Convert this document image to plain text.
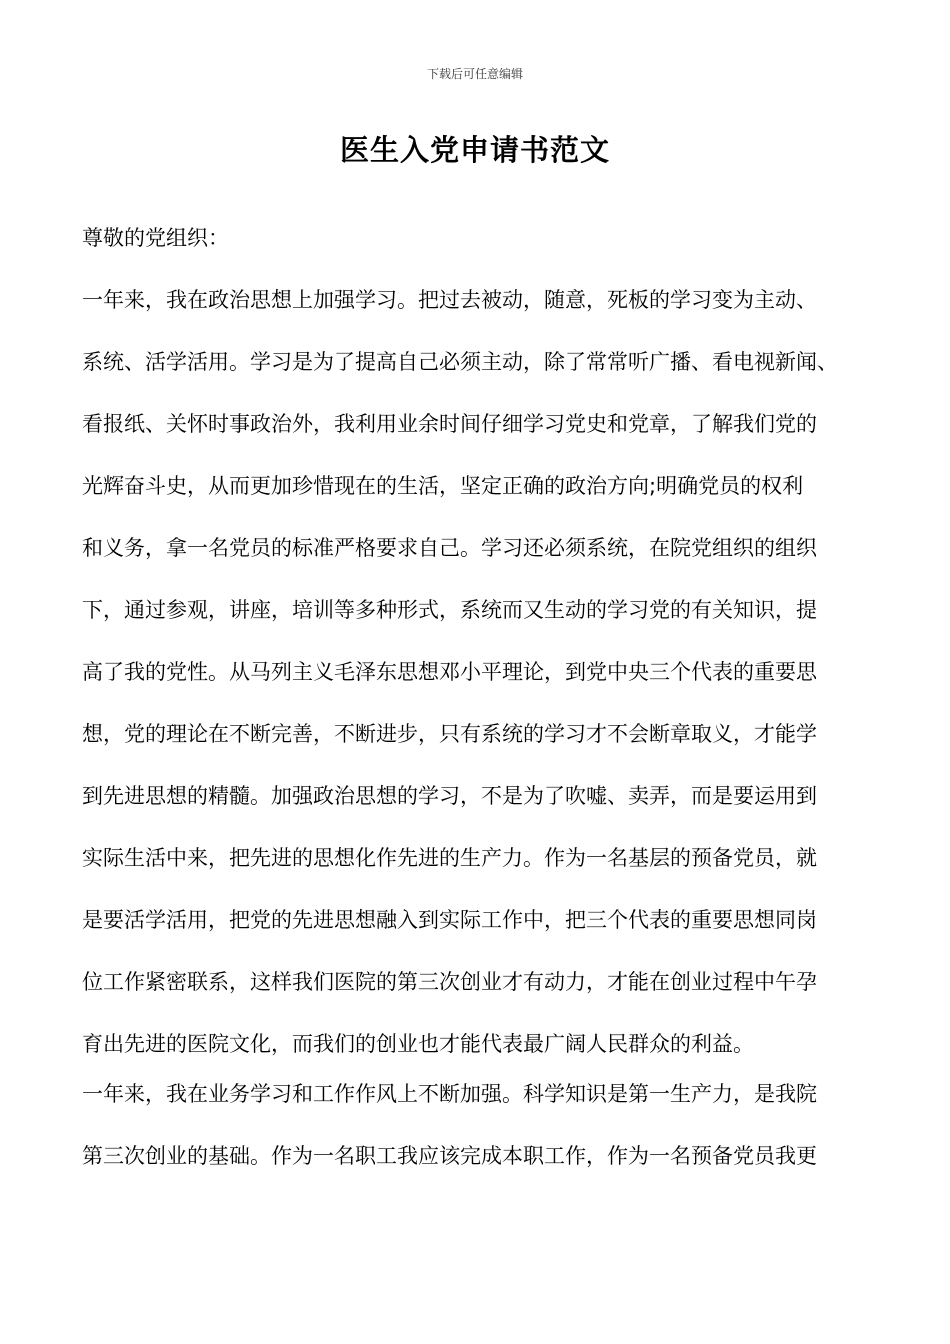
下载后可任意编辑
医生入党申请书范文
尊敬的党组织：
一年来，我在政治思想上加强学习。把过去被动，随意，死板的学习变为主动、
系统、活学活用。学习是为了提高自己必须主动，除了常常听广播、看电视新闻、
看报纸、关怀时事政治外，我利用业余时间仔细学习党史和党章，了解我们党的
光辉奋斗史，从而更加珍惜现在的生活，坚定正确的政治方向;明确党员的权利
和义务，拿一名党员的标准严格要求自己。学习还必须系统，在院党组织的组织
下，通过参观，讲座，培训等多种形式，系统而又生动的学习党的有关知识，提
高了我的党性。从马列主义毛泽东思想邓小平理论，到党中央三个代表的重要思
想，党的理论在不断完善，不断进步，只有系统的学习才不会断章取义，才能学
到先进思想的精髓。加强政治思想的学习，不是为了吹嘘、卖弄，而是要运用到
实际生活中来，把先进的思想化作先进的生产力。作为一名基层的预备党员，就
是要活学活用，把党的先进思想融入到实际工作中，把三个代表的重要思想同岗
位工作紧密联系，这样我们医院的第三次创业才有动力，才能在创业过程中午孕
育出先进的医院文化，而我们的创业也才能代表最广阔人民群众的利益。
一年来，我在业务学习和工作作风上不断加强。科学知识是第一生产力，是我院
第三次创业的基础。作为一名职工我应该完成本职工作，作为一名预备党员我更
